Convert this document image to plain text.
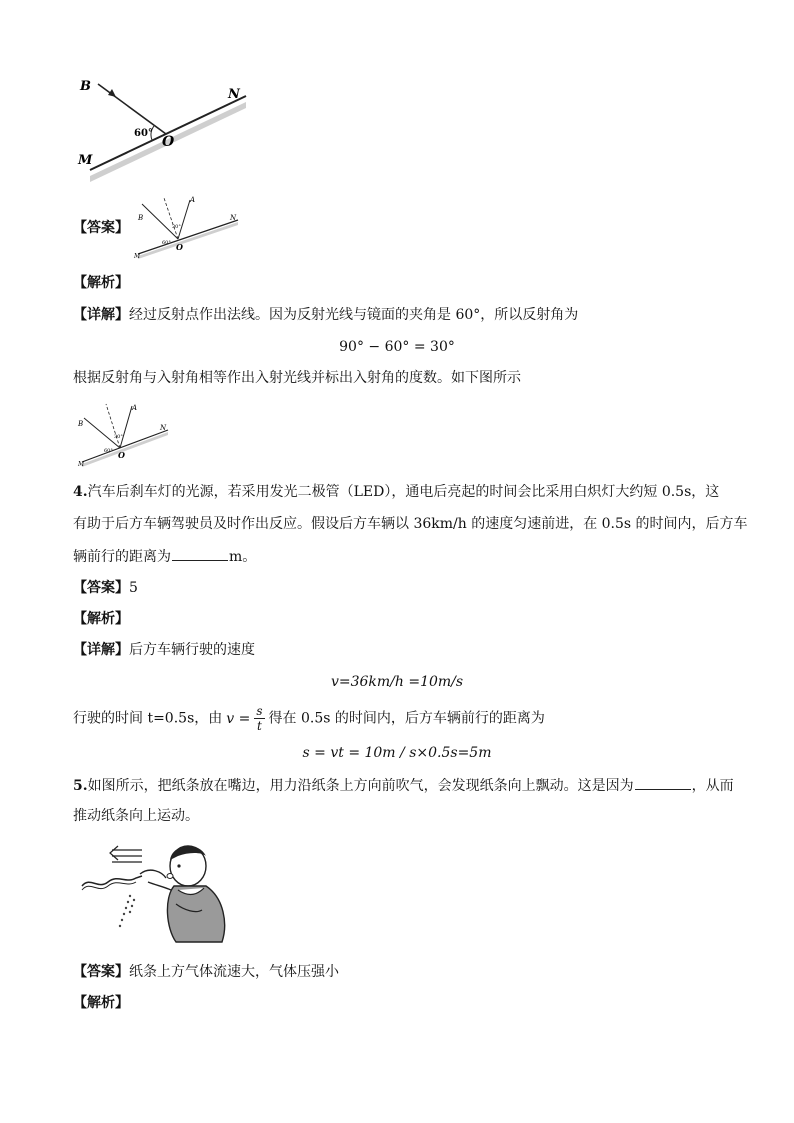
B
N
M
O
60°
【答案】
B
A
N
M
O
60°
30°
【解析】
【详解】经过反射点作出法线。因为反射光线与镜面的夹角是 60°，所以反射角为
90° − 60° = 30°
根据反射角与入射角相等作出入射光线并标出入射角的度数。如下图所示
B
A
N
M
O
60°
30°
4.汽车后刹车灯的光源，若采用发光二极管（LED），通电后亮起的时间会比采用白炽灯大约短 0.5s，这
有助于后方车辆驾驶员及时作出反应。假设后方车辆以 36km/h 的速度匀速前进，在 0.5s 的时间内，后方车
辆前行的距离为	m。
【答案】5
【解析】
【详解】后方车辆行驶的速度
v=36km/h =10m/s
行驶的时间 t=0.5s，由 $v = \frac{s}{t}$ 得在 0.5s 的时间内，后方车辆前行的距离为
s = vt = 10m / s×0.5s=5m
5.如图所示，把纸条放在嘴边，用力沿纸条上方向前吹气，会发现纸条向上飘动。这是因为	，从而
推动纸条向上运动。
【答案】纸条上方气体流速大，气体压强小
【解析】
